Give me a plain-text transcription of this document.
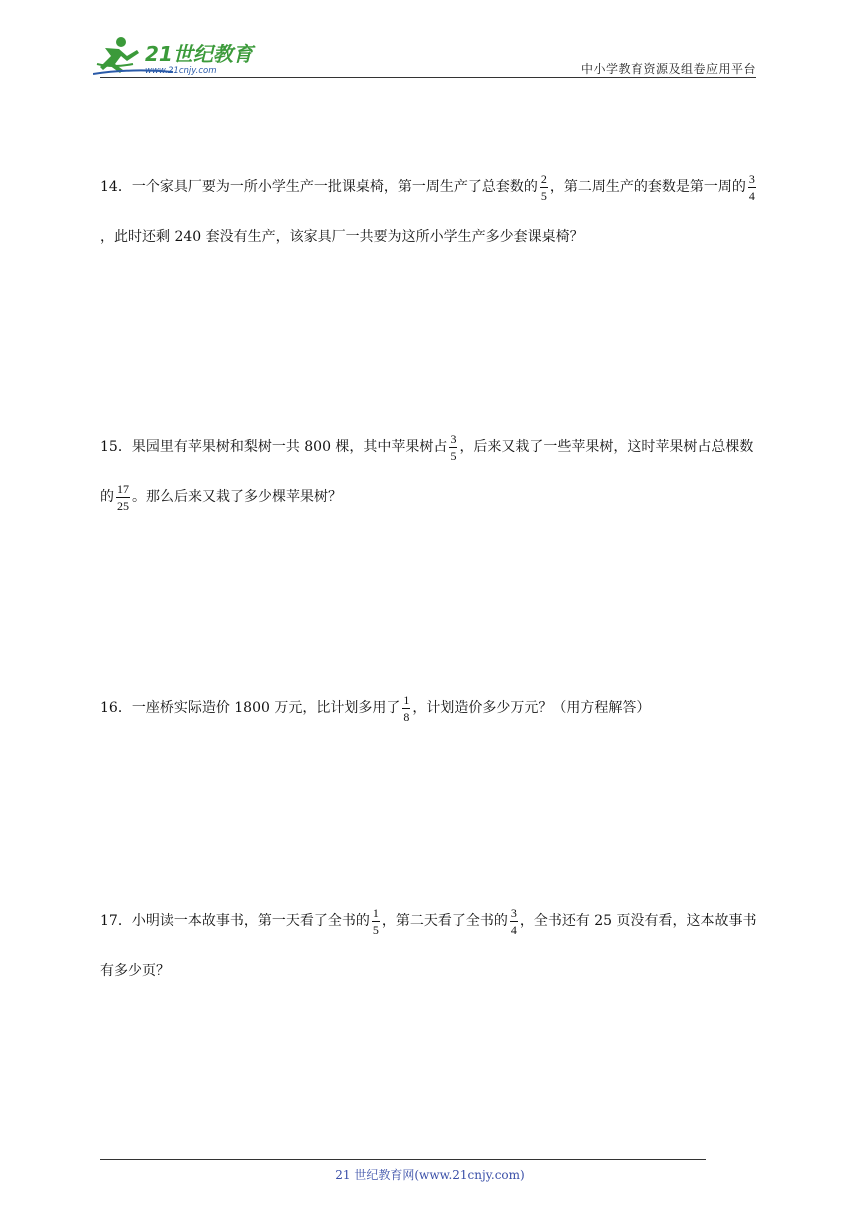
21世纪教育
www.21cnjy.com	中小学教育资源及组卷应用平台
14．一个家具厂要为一所小学生产一批课桌椅，第一周生产了总套数的 $\frac{2}{5}$ ，第二周生产的套数是第一周的 $\frac{3}{4}$
，此时还剩 240 套没有生产，该家具厂一共要为这所小学生产多少套课桌椅？
15．果园里有苹果树和梨树一共 800 棵，其中苹果树占 $\frac{3}{5}$ ，后来又栽了一些苹果树，这时苹果树占总棵数的 $\frac{17}{25}$ 。那么后来又栽了多少棵苹果树？
16．一座桥实际造价 1800 万元，比计划多用了 $\frac{1}{8}$ ，计划造价多少万元？（用方程解答）
17．小明读一本故事书，第一天看了全书的 $\frac{1}{5}$ ，第二天看了全书的 $\frac{3}{4}$ ，全书还有 25 页没有看，这本故事书有多少页？
21 世纪教育网(www.21cnjy.com)
